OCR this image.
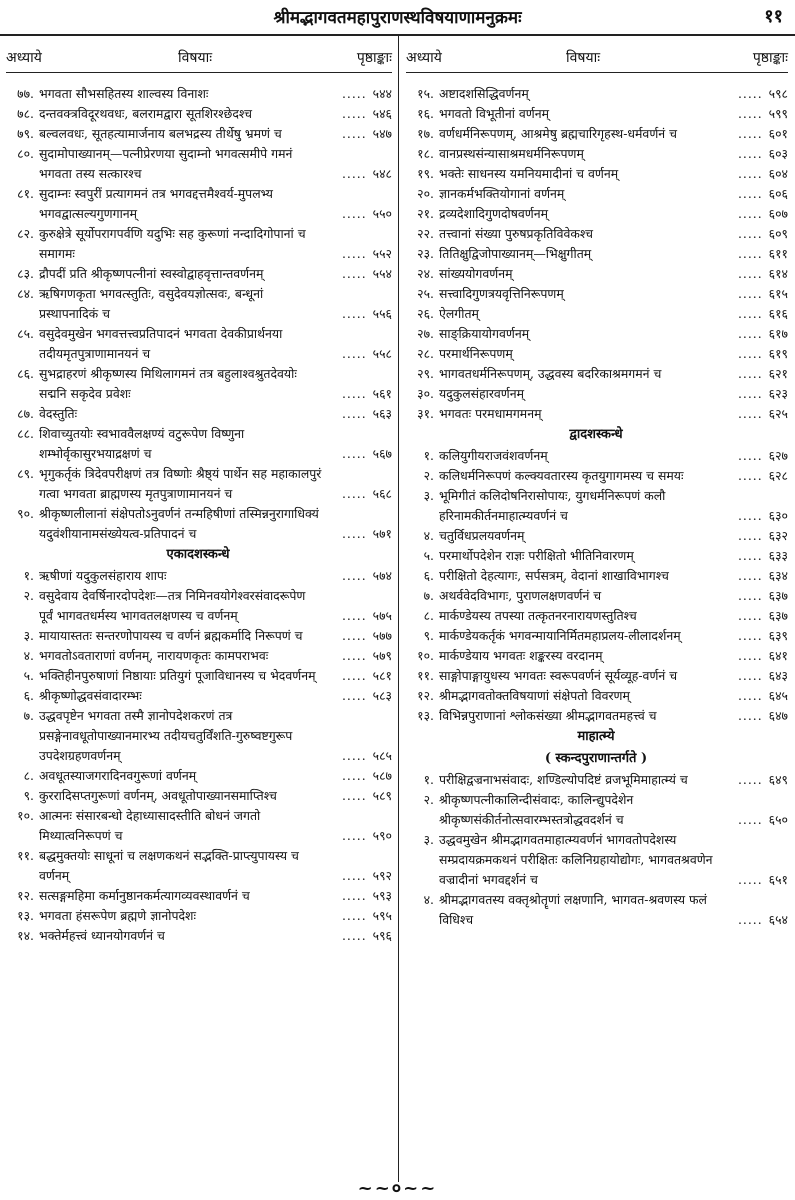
श्रीमद्भागवतमहापुराणस्थविषयाणामनुक्रमः	११
अध्याये	विषयाः	पृष्ठाङ्काः अध्याये	विषयाः	पृष्ठाङ्काः
७७. भगवता सौभसहितस्य शाल्वस्य विनाशः	..... ५४४
७८. दन्तवक्त्रविदूरथवधः, बलरामद्वारा सूतशिरश्छेदश्च	..... ५४६
७९. बल्वलवधः, सूतहत्यामार्जनाय बलभद्रस्य तीर्थेषु भ्रमणं च	..... ५४७
८०. सुदामोपाख्यानम्—पत्नीप्रेरणया सुदाम्नो भगवत्समीपे गमनं भगवता तस्य सत्कारश्च	..... ५४८
८१. सुदाम्नः स्वपुरीं प्रत्यागमनं तत्र भगवद्दत्तमैश्वर्य-मुपलभ्य भगवद्वात्सल्यगुणगानम्	..... ५५०
८२. कुरुक्षेत्रे सूर्योपरागपर्वणि यदुभिः सह कुरूणां नन्दादिगोपानां च समागमः	..... ५५२
८३. द्रौपदीं प्रति श्रीकृष्णपत्नीनां स्वस्वोद्वाहवृत्तान्तवर्णनम्	..... ५५४
८४. ऋषिगणकृता भगवत्स्तुतिः, वसुदेवयज्ञोत्सवः, बन्धूनां प्रस्थापनादिकं च	..... ५५६
८५. वसुदेवमुखेन भगवत्तत्त्वप्रतिपादनं भगवता देवकीप्रार्थनया तदीयमृतपुत्राणामानयनं च	..... ५५८
८६. सुभद्राहरणं श्रीकृष्णस्य मिथिलागमनं तत्र बहुलाश्वश्रुतदेवयोः सद्मनि सकृदेव प्रवेशः	..... ५६१
८७. वेदस्तुतिः	..... ५६३
८८. शिवाच्युतयोः स्वभाववैलक्षण्यं वटुरूपेण विष्णुना शम्भोर्वृकासुरभयाद्रक्षणं च	..... ५६७
८९. भृगुकर्तृकं त्रिदेवपरीक्षणं तत्र विष्णोः श्रैष्ठ्यं पार्थेन सह महाकालपुरं गत्वा भगवता ब्राह्मणस्य मृतपुत्राणामानयनं च	..... ५६८
९०. श्रीकृष्णलीलानां संक्षेपतोऽनुवर्णनं तन्महिषीणां तस्मिन्ननुरागाधिक्यं यदुवंशीयानामसंख्येयत्व-प्रतिपादनं च	..... ५७१
एकादशस्कन्धे
१. ऋषीणां यदुकुलसंहाराय शापः	..... ५७४
२. वसुदेवाय देवर्षिनारदोपदेशः—तत्र निमिनवयोगेश्वरसंवादरूपेण पूर्वं भागवतधर्मस्य भागवतलक्षणस्य च वर्णनम्	..... ५७५
३. मायायास्ततः सन्तरणोपायस्य च वर्णनं ब्रह्मकर्मादि निरूपणं च	..... ५७७
४. भगवतोऽवताराणां वर्णनम्, नारायणकृतः कामपराभवः	..... ५७९
५. भक्तिहीनपुरुषाणां निष्ठायाः प्रतियुगं पूजाविधानस्य च भेदवर्णनम्	..... ५८१
६. श्रीकृष्णोद्धवसंवादारम्भः	..... ५८३
७. उद्धवपृष्टेन भगवता तस्मै ज्ञानोपदेशकरणं तत्र प्रसङ्गेनावधूतोपाख्यानमारभ्य तदीयचतुर्विंशति-गुरुष्वष्टगुरूप उपदेशग्रहणवर्णनम्	..... ५८५
८. अवधूतस्याजगरादिनवगुरूणां वर्णनम्	..... ५८७
९. कुररादिसप्तगुरूणां वर्णनम्, अवधूतोपाख्यानसमाप्तिश्च	..... ५८९
१०. आत्मनः संसारबन्धो देहाध्यासादस्तीति बोधनं जगतो मिथ्यात्वनिरूपणं च	..... ५९०
११. बद्धमुक्तयोः साधूनां च लक्षणकथनं सद्भक्ति-प्राप्त्युपायस्य च वर्णनम्	..... ५९२
१२. सत्सङ्गमहिमा कर्मानुष्ठानकर्मत्यागव्यवस्थावर्णनं च	..... ५९३
१३. भगवता हंसरूपेण ब्रह्मणे ज्ञानोपदेशः	..... ५९५
१४. भक्तेर्महत्त्वं ध्यानयोगवर्णनं च	..... ५९६
१५. अष्टादशसिद्धिवर्णनम्	..... ५९८
१६. भगवतो विभूतीनां वर्णनम्	..... ५९९
१७. वर्णधर्मनिरूपणम्, आश्रमेषु ब्रह्मचारिगृहस्थ-धर्मवर्णनं च	..... ६०१
१८. वानप्रस्थसंन्यासाश्रमधर्मनिरूपणम्	..... ६०३
१९. भक्तेः साधनस्य यमनियमादीनां च वर्णनम्	..... ६०४
२०. ज्ञानकर्मभक्तियोगानां वर्णनम्	..... ६०६
२१. द्रव्यदेशादिगुणदोषवर्णनम्	..... ६०७
२२. तत्त्वानां संख्या पुरुषप्रकृतिविवेकश्च	..... ६०९
२३. तितिक्षुद्विजोपाख्यानम्—भिक्षुगीतम्	..... ६११
२४. सांख्ययोगवर्णनम्	..... ६१४
२५. सत्त्वादिगुणत्रयवृत्तिनिरूपणम्	..... ६१५
२६. ऐलगीतम्	..... ६१६
२७. साङ्क्रियायोगवर्णनम्	..... ६१७
२८. परमार्थनिरूपणम्	..... ६१९
२९. भागवतधर्मनिरूपणम्, उद्धवस्य बदरिकाश्रमगमनं च	..... ६२१
३०. यदुकुलसंहारवर्णनम्	..... ६२३
३१. भगवतः परमधामगमनम्	..... ६२५
द्वादशस्कन्धे
१. कलियुगीयराजवंशवर्णनम्	..... ६२७
२. कलिधर्मनिरूपणं कल्क्यवतारस्य कृतयुगागमस्य च समयः	..... ६२८
३. भूमिगीतं कलिदोषनिरासोपायः, युगधर्मनिरूपणं कलौ हरिनामकीर्तनमाहात्म्यवर्णनं च	..... ६३०
४. चतुर्विधप्रलयवर्णनम्	..... ६३२
५. परमार्थोपदेशेन राज्ञः परीक्षितो भीतिनिवारणम्	..... ६३३
६. परीक्षितो देहत्यागः, सर्पसत्रम्, वेदानां शाखाविभागश्च	..... ६३४
७. अथर्ववेदविभागः, पुराणलक्षणवर्णनं च	..... ६३७
८. मार्कण्डेयस्य तपस्या तत्कृतनरनारायणस्तुतिश्च	..... ६३७
९. मार्कण्डेयकर्तृकं भगवन्मायानिर्मितमहाप्रलय-लीलादर्शनम्	..... ६३९
१०. मार्कण्डेयाय भगवतः शङ्करस्य वरदानम्	..... ६४१
११. साङ्गोपाङ्गायुधस्य भगवतः स्वरूपवर्णनं सूर्यव्यूह-वर्णनं च	..... ६४३
१२. श्रीमद्भागवतोक्तविषयाणां संक्षेपतो विवरणम्	..... ६४५
१३. विभिन्नपुराणानां श्लोकसंख्या श्रीमद्भागवतमहत्त्वं च	..... ६४७
माहात्म्ये
( स्कन्दपुराणान्तर्गते )
१. परीक्षिद्वज्रनाभसंवादः, शण्डिल्योपदिष्टं व्रजभूमिमाहात्म्यं च	..... ६४९
२. श्रीकृष्णपत्नीकालिन्दीसंवादः, कालिन्द्युपदेशेन श्रीकृष्णसंकीर्तनोत्सवारम्भस्तत्रोद्धवदर्शनं च	..... ६५०
३. उद्धवमुखेन श्रीमद्भागवतमाहात्म्यवर्णनं भागवतोपदेशस्य सम्प्रदायक्रमकथनं परीक्षितः कलिनिग्रहायोद्योगः, भागवतश्रवणेन वज्रादीनां भगवद्दर्शनं च	..... ६५१
४. श्रीमद्भागवतस्य वक्तृश्रोतॄणां लक्षणानि, भागवत-श्रवणस्य फलं विधिश्च	..... ६५४
~~०~~
